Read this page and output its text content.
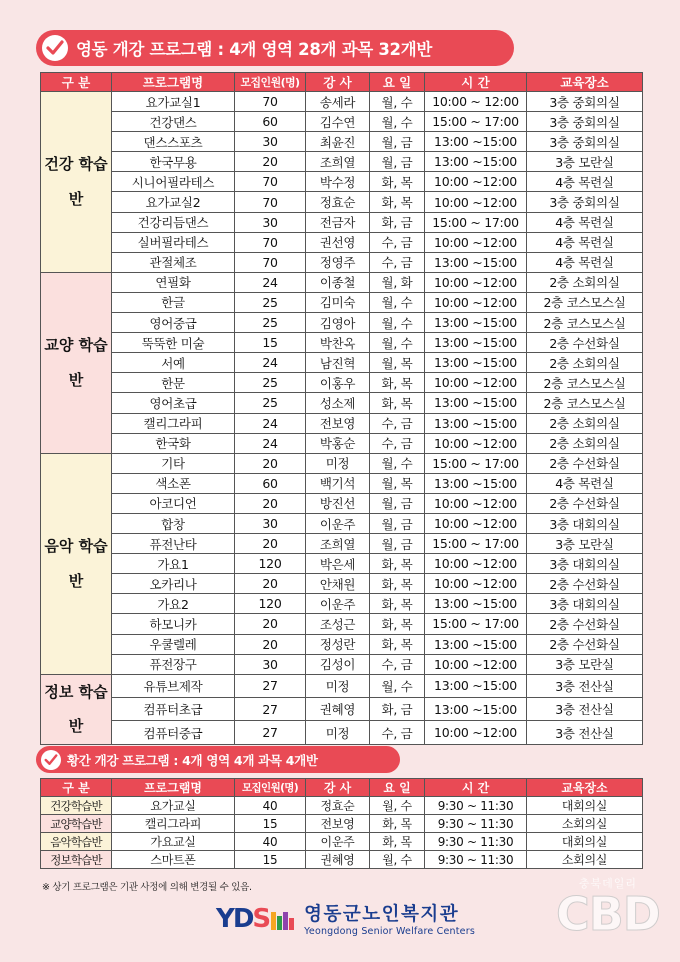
영동 개강 프로그램 : 4개 영역 28개 과목 32개반
구 분	프로그램명	모집인원(명)	강 사	요 일	시 간	교육장소
건강 학습반	요가교실1	70	송세라	월, 수	10:00 ~ 12:00	3층 중회의실
	건강댄스	60	김수연	월, 수	15:00 ~ 17:00	3층 중회의실
	댄스스포츠	30	최윤진	월, 금	13:00 ~15:00	3층 중회의실
	한국무용	20	조희열	월, 금	13:00 ~15:00	3층 모란실
	시니어필라테스	70	박수정	화, 목	10:00 ~12:00	4층 목련실
	요가교실2	70	정효순	화, 목	10:00 ~12:00	3층 중회의실
	건강리듬댄스	30	전금자	화, 금	15:00 ~ 17:00	4층 목련실
	실버필라테스	70	권선영	수, 금	10:00 ~12:00	4층 목련실
	관절체조	70	정영주	수, 금	13:00 ~15:00	4층 목련실
교양 학습반	연필화	24	이종철	월, 화	10:00 ~12:00	2층 소회의실
	한글	25	김미숙	월, 수	10:00 ~12:00	2층 코스모스실
	영어중급	25	김영아	월, 수	13:00 ~15:00	2층 코스모스실
	뚝뚝한 미술	15	박찬옥	월, 수	13:00 ~15:00	2층 수선화실
	서예	24	남진혁	월, 목	13:00 ~15:00	2층 소회의실
	한문	25	이홍우	화, 목	10:00 ~12:00	2층 코스모스실
	영어초급	25	성소제	화, 목	13:00 ~15:00	2층 코스모스실
	캘리그라피	24	전보영	수, 금	13:00 ~15:00	2층 소회의실
	한국화	24	박홍순	수, 금	10:00 ~12:00	2층 소회의실
음악 학습반	기타	20	미정	월, 수	15:00 ~ 17:00	2층 수선화실
	색소폰	60	백기석	월, 목	13:00 ~15:00	4층 목련실
	아코디언	20	방진선	월, 금	10:00 ~12:00	2층 수선화실
	합창	30	이운주	월, 금	10:00 ~12:00	3층 대회의실
	퓨전난타	20	조희열	월, 금	15:00 ~ 17:00	3층 모란실
	가요1	120	박은세	화, 목	10:00 ~12:00	3층 대회의실
	오카리나	20	안채원	화, 목	10:00 ~12:00	2층 수선화실
	가요2	120	이운주	화, 목	13:00 ~15:00	3층 대회의실
	하모니카	20	조성근	화, 목	15:00 ~ 17:00	2층 수선화실
	우쿨렐레	20	정성란	화, 목	13:00 ~15:00	2층 수선화실
	퓨전장구	30	김성이	수, 금	10:00 ~12:00	3층 모란실
정보 학습반	유튜브제작	27	미정	월, 수	13:00 ~15:00	3층 전산실
	컴퓨터초급	27	권혜영	화, 금	13:00 ~15:00	3층 전산실
	컴퓨터중급	27	미정	수, 금	10:00 ~12:00	3층 전산실
황간 개강 프로그램 : 4개 영역 4개 과목 4개반
구 분	프로그램명	모집인원(명)	강 사	요 일	시 간	교육장소
건강학습반	요가교실	40	정효순	월, 수	9:30 ~ 11:30	대회의실
교양학습반	캘리그라피	15	전보영	화, 목	9:30 ~ 11:30	소회의실
음악학습반	가요교실	40	이운주	화, 목	9:30 ~ 11:30	대회의실
정보학습반	스마트폰	15	권혜영	월, 수	9:30 ~ 11:30	소회의실
※ 상기 프로그램은 기관 사정에 의해 변경될 수 있음.
Y D S 영동군노인복지관
Yeongdong Senior Welfare Centers
충북데일리
CBD
